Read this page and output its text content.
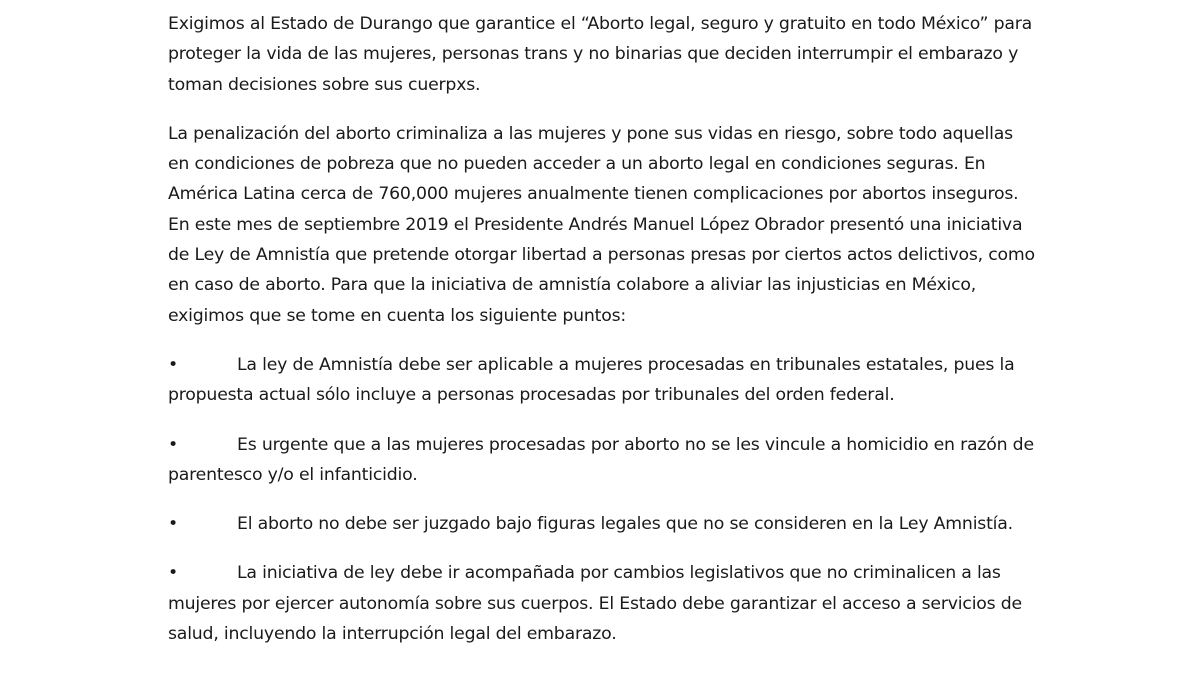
Exigimos al Estado de Durango que garantice el “Aborto legal, seguro y gratuito en todo México” para proteger la vida de las mujeres, personas trans y no binarias que deciden interrumpir el embarazo y toman decisiones sobre sus cuerpxs.

La penalización del aborto criminaliza a las mujeres y pone sus vidas en riesgo, sobre todo aquellas en condiciones de pobreza que no pueden acceder a un aborto legal en condiciones seguras. En América Latina cerca de 760,000 mujeres anualmente tienen complicaciones por abortos inseguros. En este mes de septiembre 2019 el Presidente Andrés Manuel López Obrador presentó una iniciativa de Ley de Amnistía que pretende otorgar libertad a personas presas por ciertos actos delictivos, como en caso de aborto. Para que la iniciativa de amnistía colabore a aliviar las injusticias en México, exigimos que se tome en cuenta los siguiente puntos:

•	La ley de Amnistía debe ser aplicable a mujeres procesadas en tribunales estatales, pues la propuesta actual sólo incluye a personas procesadas por tribunales del orden federal.
•	Es urgente que a las mujeres procesadas por aborto no se les vincule a homicidio en razón de parentesco y/o el infanticidio.
•	El aborto no debe ser juzgado bajo figuras legales que no se consideren en la Ley Amnistía.
•	La iniciativa de ley debe ir acompañada por cambios legislativos que no criminalicen a las mujeres por ejercer autonomía sobre sus cuerpos. El Estado debe garantizar el acceso a servicios de salud, incluyendo la interrupción legal del embarazo.
